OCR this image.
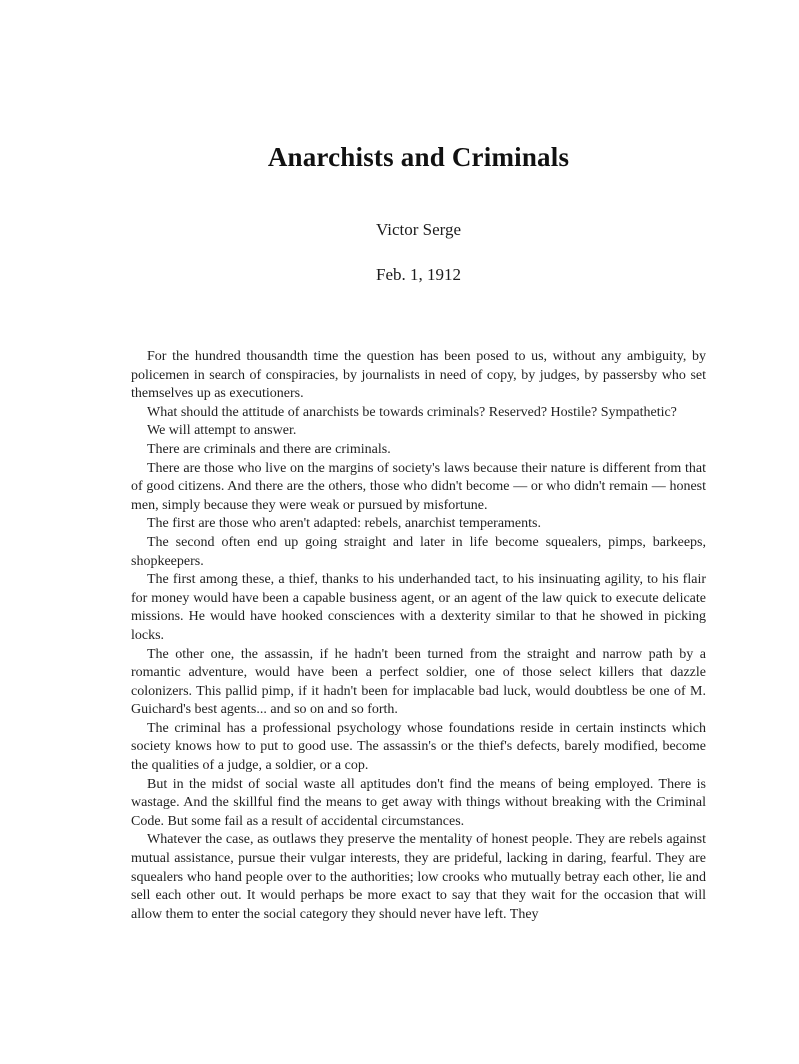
Anarchists and Criminals
Victor Serge
Feb. 1, 1912

For the hundred thousandth time the question has been posed to us, without any ambiguity, by policemen in search of conspiracies, by journalists in need of copy, by judges, by passersby who set themselves up as executioners.

What should the attitude of anarchists be towards criminals? Reserved? Hostile? Sympathetic?

We will attempt to answer.

There are criminals and there are criminals.

There are those who live on the margins of society's laws because their nature is different from that of good citizens. And there are the others, those who didn't become — or who didn't remain — honest men, simply because they were weak or pursued by misfortune.

The first are those who aren't adapted: rebels, anarchist temperaments.

The second often end up going straight and later in life become squealers, pimps, barkeeps, shopkeepers.

The first among these, a thief, thanks to his underhanded tact, to his insinuating agility, to his flair for money would have been a capable business agent, or an agent of the law quick to execute delicate missions. He would have hooked consciences with a dexterity similar to that he showed in picking locks.

The other one, the assassin, if he hadn't been turned from the straight and narrow path by a romantic adventure, would have been a perfect soldier, one of those select killers that dazzle colonizers. This pallid pimp, if it hadn't been for implacable bad luck, would doubtless be one of M. Guichard's best agents... and so on and so forth.

The criminal has a professional psychology whose foundations reside in certain instincts which society knows how to put to good use. The assassin's or the thief's defects, barely modified, become the qualities of a judge, a soldier, or a cop.

But in the midst of social waste all aptitudes don't find the means of being employed. There is wastage. And the skillful find the means to get away with things without breaking with the Criminal Code. But some fail as a result of accidental circumstances.

Whatever the case, as outlaws they preserve the mentality of honest people. They are rebels against mutual assistance, pursue their vulgar interests, they are prideful, lacking in daring, fearful. They are squealers who hand people over to the authorities; low crooks who mutually betray each other, lie and sell each other out. It would perhaps be more exact to say that they wait for the occasion that will allow them to enter the social category they should never have left. They
